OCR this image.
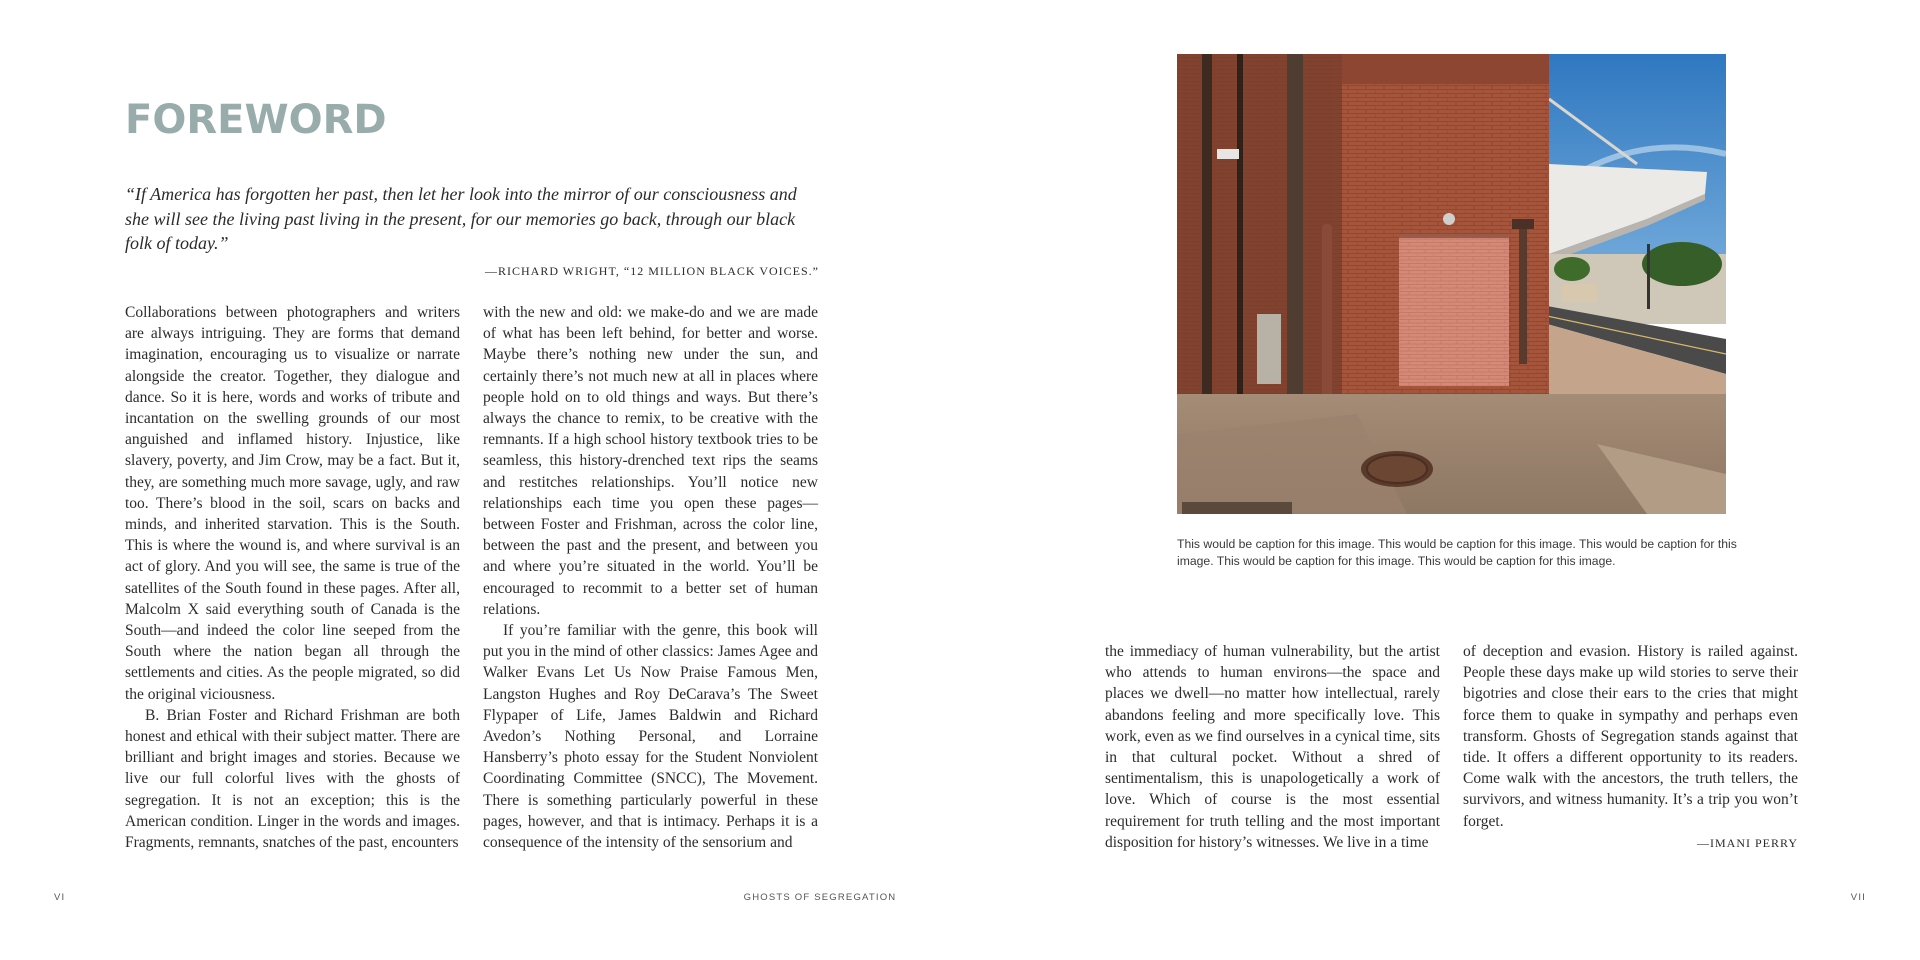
FOREWORD

“If America has forgotten her past, then let her look into the mirror of our consciousness and she will see the living past living in the present, for our memories go back, through our black folk of today.”

—RICHARD WRIGHT, “12 MILLION BLACK VOICES.”

Collaborations between photographers and writers are always intriguing. They are forms that demand imagination, encouraging us to visualize or narrate alongside the creator. Together, they dialogue and dance. So it is here, words and works of tribute and incantation on the swelling grounds of our most anguished and inflamed history. Injustice, like slavery, poverty, and Jim Crow, may be a fact. But it, they, are something much more savage, ugly, and raw too. There’s blood in the soil, scars on backs and minds, and inherited starvation. This is the South. This is where the wound is, and where survival is an act of glory. And you will see, the same is true of the satellites of the South found in these pages. After all, Malcolm X said everything south of Canada is the South—and indeed the color line seeped from the South where the nation began all through the settlements and cities. As the people migrated, so did the original viciousness.

B. Brian Foster and Richard Frishman are both honest and ethical with their subject matter. There are brilliant and bright images and stories. Because we live our full colorful lives with the ghosts of segregation. It is not an exception; this is the American condition. Linger in the words and images. Fragments, remnants, snatches of the past, encounters

with the new and old: we make-do and we are made of what has been left behind, for better and worse. Maybe there’s nothing new under the sun, and certainly there’s not much new at all in places where people hold on to old things and ways. But there’s always the chance to remix, to be creative with the remnants. If a high school history textbook tries to be seamless, this history-drenched text rips the seams and restitches relationships. You’ll notice new relationships each time you open these pages—between Foster and Frishman, across the color line, between the past and the present, and between you and where you’re situated in the world. You’ll be encouraged to recommit to a better set of human relations.

If you’re familiar with the genre, this book will put you in the mind of other classics: James Agee and Walker Evans Let Us Now Praise Famous Men, Langston Hughes and Roy DeCarava’s The Sweet Flypaper of Life, James Baldwin and Richard Avedon’s Nothing Personal, and Lorraine Hansberry’s photo essay for the Student Nonviolent Coordinating Committee (SNCC), The Movement. There is something particularly powerful in these pages, however, and that is intimacy. Perhaps it is a consequence of the intensity of the sensorium and

This would be caption for this image. This would be caption for this image. This would be caption for this image. This would be caption for this image. This would be caption for this image.

the immediacy of human vulnerability, but the artist who attends to human environs—the space and places we dwell—no matter how intellectual, rarely abandons feeling and more specifically love. This work, even as we find ourselves in a cynical time, sits in that cultural pocket. Without a shred of sentimentalism, this is unapologetically a work of love. Which of course is the most essential requirement for truth telling and the most important disposition for history’s witnesses. We live in a time

of deception and evasion. History is railed against. People these days make up wild stories to serve their bigotries and close their ears to the cries that might force them to quake in sympathy and perhaps even transform. Ghosts of Segregation stands against that tide. It offers a different opportunity to its readers. Come walk with the ancestors, the truth tellers, the survivors, and witness humanity. It’s a trip you won’t forget.

—IMANI PERRY

VI	GHOSTS OF SEGREGATION	VII
